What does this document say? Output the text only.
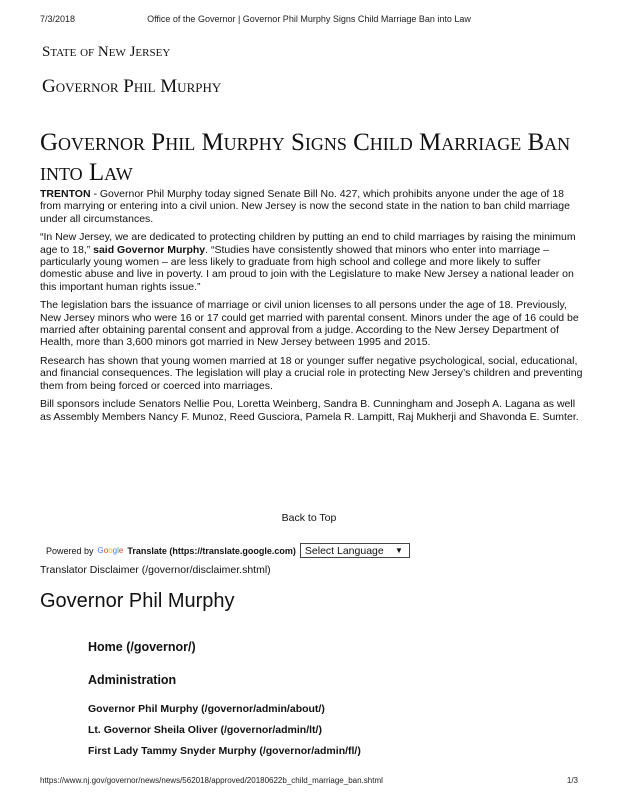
7/3/2018	Office of the Governor | Governor Phil Murphy Signs Child Marriage Ban into Law
State of New Jersey
Governor Phil Murphy
Governor Phil Murphy Signs Child Marriage Ban into Law

TRENTON - Governor Phil Murphy today signed Senate Bill No. 427, which prohibits anyone under the age of 18 from marrying or entering into a civil union. New Jersey is now the second state in the nation to ban child marriage under all circumstances.

“In New Jersey, we are dedicated to protecting children by putting an end to child marriages by raising the minimum age to 18,” said Governor Murphy. “Studies have consistently showed that minors who enter into marriage – particularly young women – are less likely to graduate from high school and college and more likely to suffer domestic abuse and live in poverty. I am proud to join with the Legislature to make New Jersey a national leader on this important human rights issue.”

The legislation bars the issuance of marriage or civil union licenses to all persons under the age of 18. Previously, New Jersey minors who were 16 or 17 could get married with parental consent. Minors under the age of 16 could be married after obtaining parental consent and approval from a judge. According to the New Jersey Department of Health, more than 3,600 minors got married in New Jersey between 1995 and 2015.

Research has shown that young women married at 18 or younger suffer negative psychological, social, educational, and financial consequences. The legislation will play a crucial role in protecting New Jersey’s children and preventing them from being forced or coerced into marriages.

Bill sponsors include Senators Nellie Pou, Loretta Weinberg, Sandra B. Cunningham and Joseph A. Lagana as well as Assembly Members Nancy F. Munoz, Reed Gusciora, Pamela R. Lampitt, Raj Mukherji and Shavonda E. Sumter.

Back to Top
Powered by Google Translate (https://translate.google.com) Select Language ▼
Translator Disclaimer (/governor/disclaimer.shtml)
Governor Phil Murphy
Home (/governor/)
Administration
Governor Phil Murphy (/governor/admin/about/)
Lt. Governor Sheila Oliver (/governor/admin/lt/)
First Lady Tammy Snyder Murphy (/governor/admin/fl/)
https://www.nj.gov/governor/news/news/562018/approved/20180622b_child_marriage_ban.shtml	1/3
